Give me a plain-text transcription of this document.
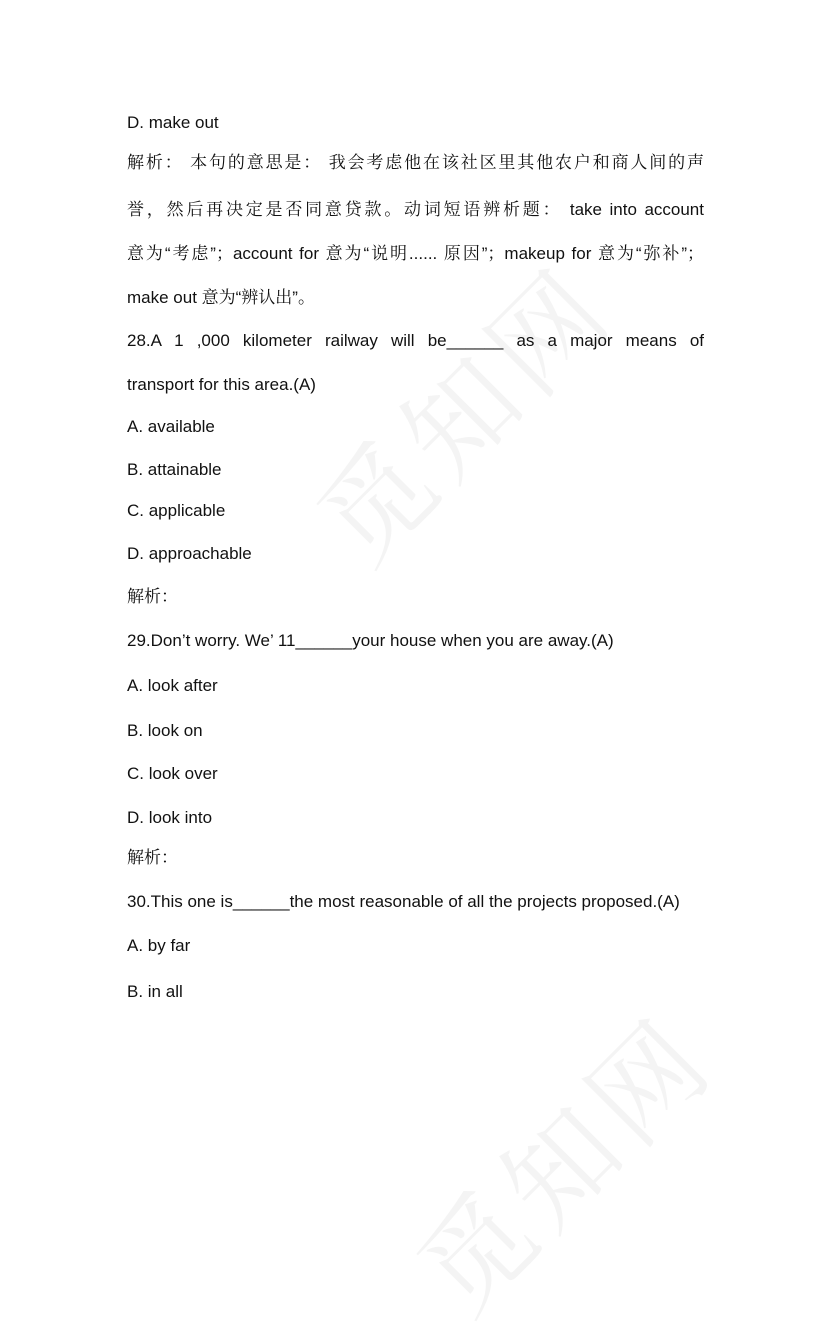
D. make out
解析： 本句的意思是： 我会考虑他在该社区里其他农户和商人间的声
誉，然后再决定是否同意贷款。动词短语辨析题： take into account
意为“考虑”；account for 意为“说明...... 原因”；makeup for 意为“弥补”；
make out 意为“辨认出”。
28.A 1 ,000 kilometer railway will be______ as a major means of
transport for this area.(A)
A. available
B. attainable
C. applicable
D. approachable
解析：
29.Don’t worry. We’ 11______your house when you are away.(A)
A. look after
B. look on
C. look over
D. look into
解析：
30.This one is______the most reasonable of all the projects proposed.(A)
A. by far
B. in all
